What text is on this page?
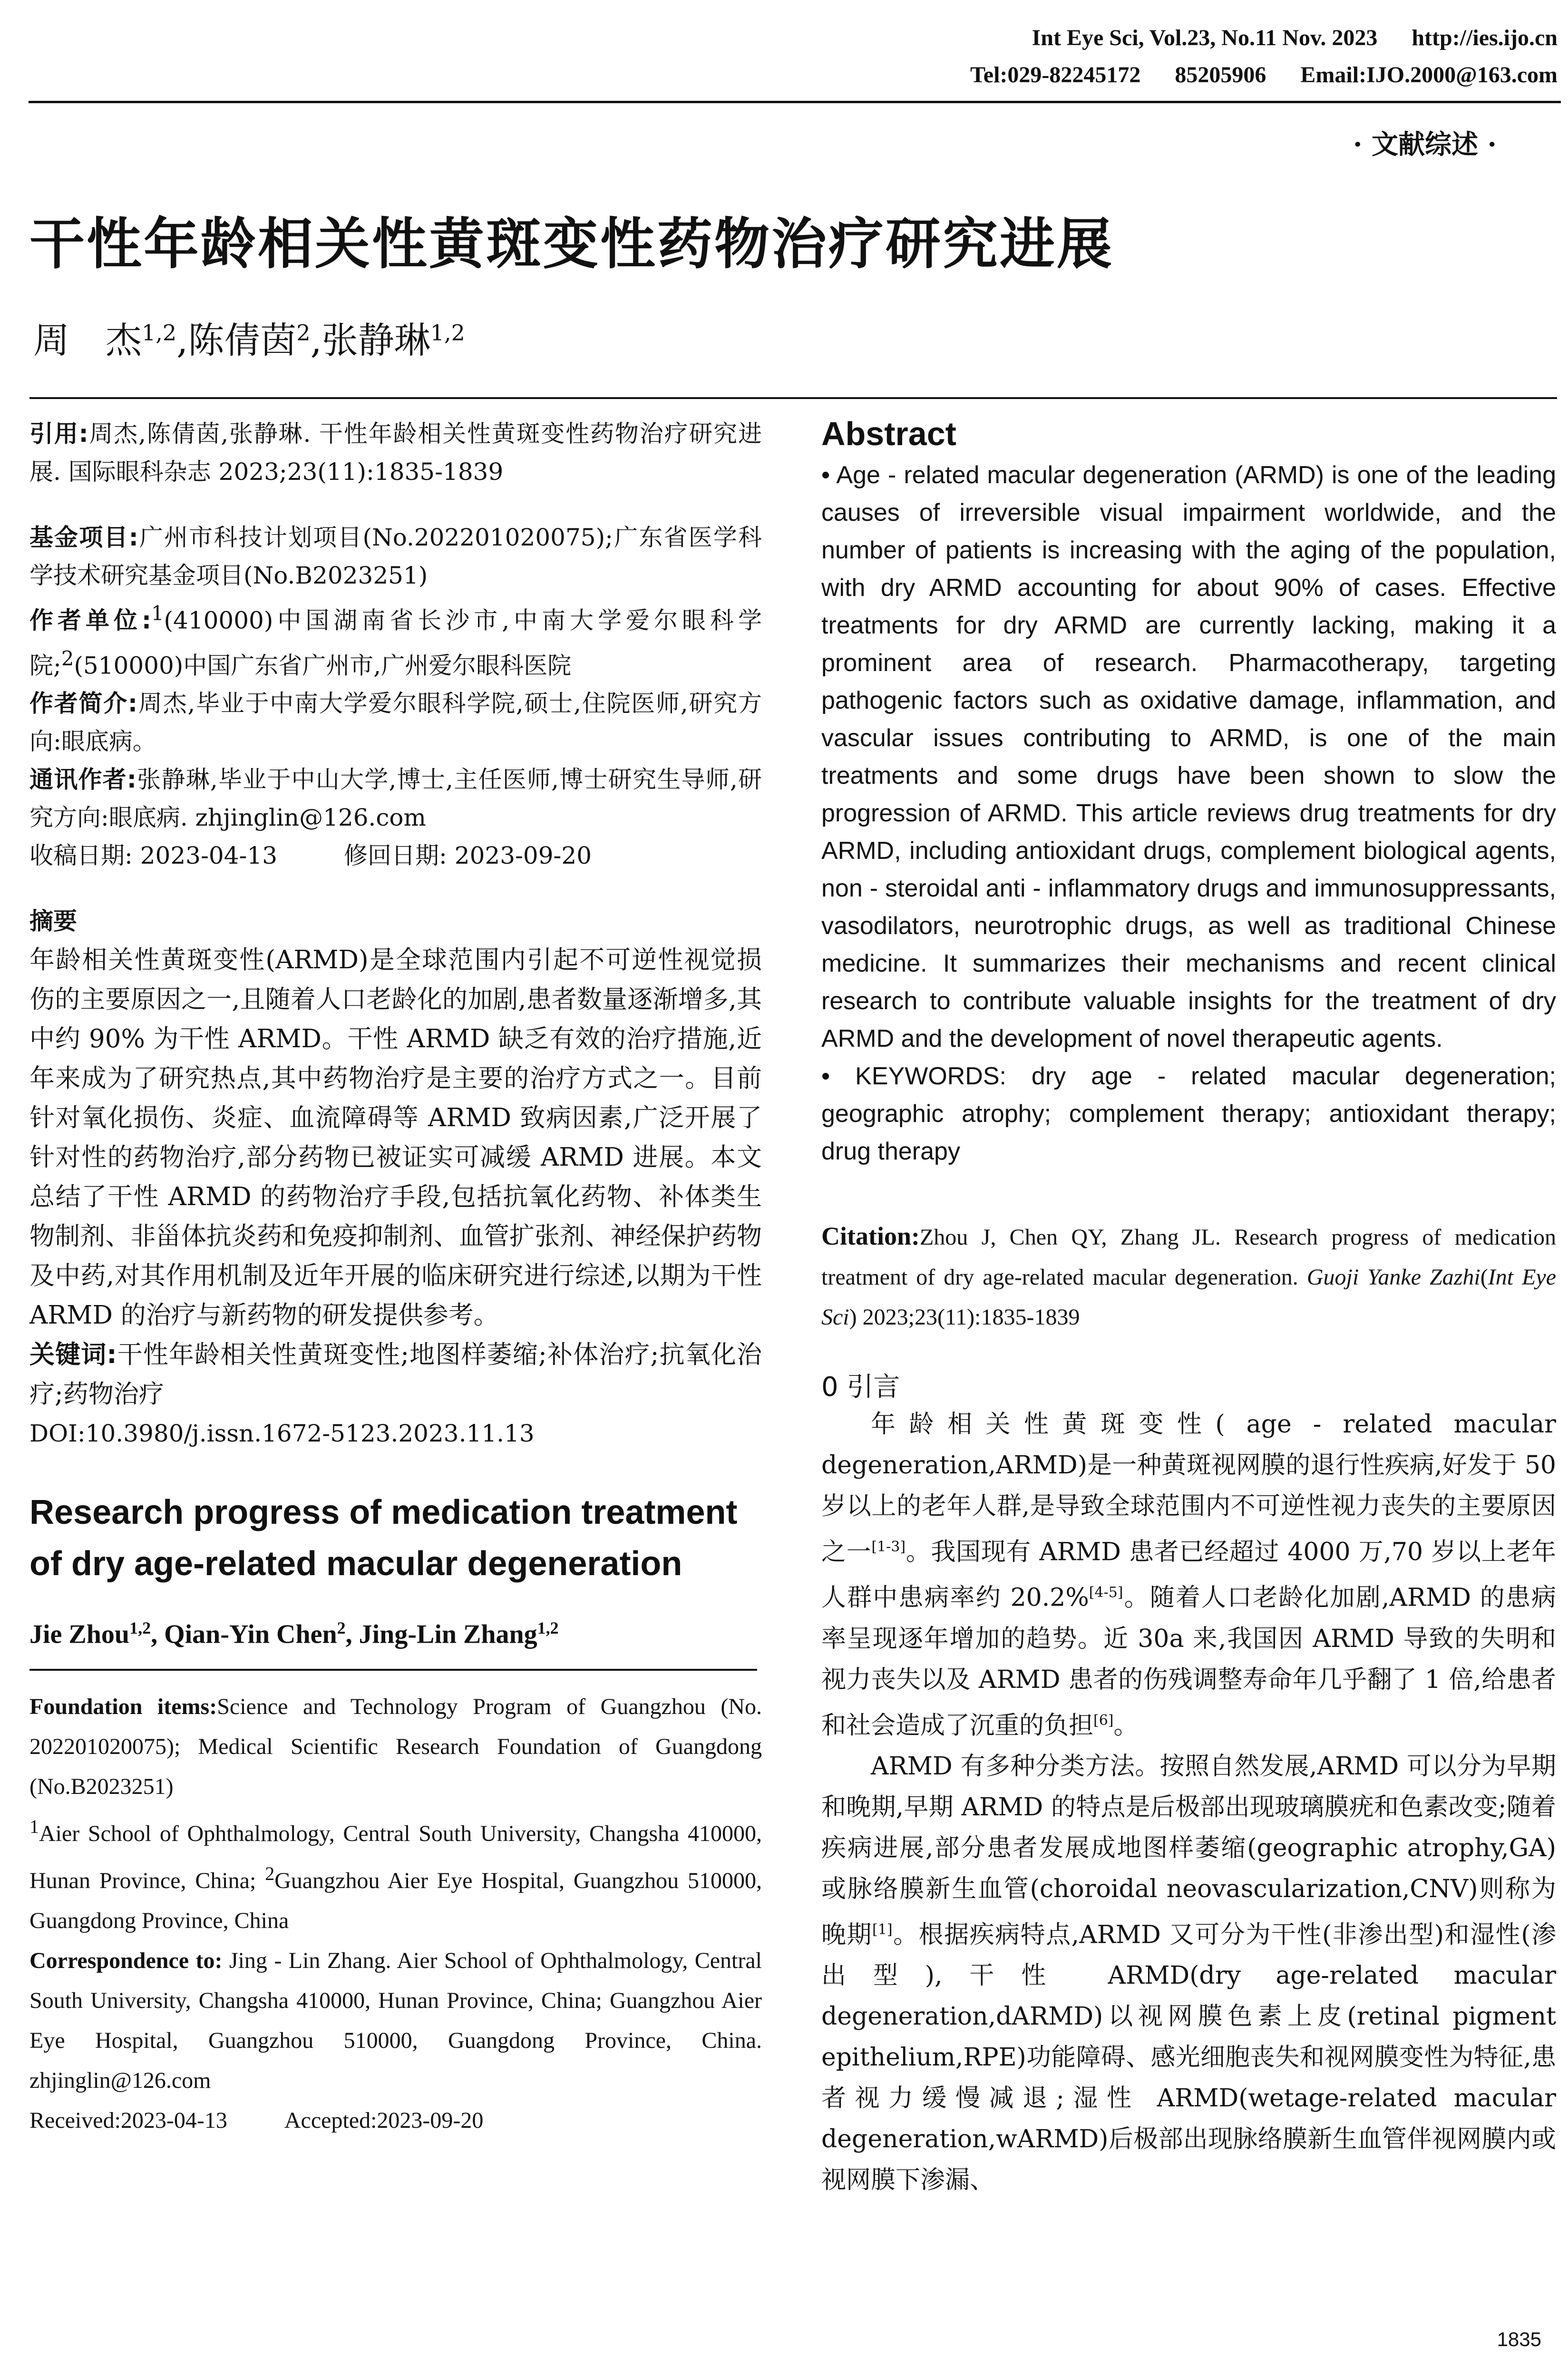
Int Eye Sci, Vol.23, No.11 Nov. 2023      http://ies.ijo.cn
Tel:029-82245172      85205906      Email:IJO.2000@163.com
· 文献综述 ·
干性年龄相关性黄斑变性药物治疗研究进展
周　杰$^{1,2}$,陈倩茵$^2$,张静琳$^{1,2}$

引用:周杰,陈倩茵,张静琳. 干性年龄相关性黄斑变性药物治疗研究进展. 国际眼科杂志 2023;23(11):1835-1839

基金项目:广州市科技计划项目(No.202201020075);广东省医学科学技术研究基金项目(No.B2023251)

作者单位:$^1$(410000)中国湖南省长沙市,中南大学爱尔眼科学院;$^2$(510000)中国广东省广州市,广州爱尔眼科医院

作者简介:周杰,毕业于中南大学爱尔眼科学院,硕士,住院医师,研究方向:眼底病。

通讯作者:张静琳,毕业于中山大学,博士,主任医师,博士研究生导师,研究方向:眼底病. zhjinglin@126.com

收稿日期: 2023-04-13	修回日期: 2023-09-20

摘要

年龄相关性黄斑变性(ARMD)是全球范围内引起不可逆性视觉损伤的主要原因之一,且随着人口老龄化的加剧,患者数量逐渐增多,其中约 90% 为干性 ARMD。干性 ARMD 缺乏有效的治疗措施,近年来成为了研究热点,其中药物治疗是主要的治疗方式之一。目前针对氧化损伤、炎症、血流障碍等 ARMD 致病因素,广泛开展了针对性的药物治疗,部分药物已被证实可减缓 ARMD 进展。本文总结了干性 ARMD 的药物治疗手段,包括抗氧化药物、补体类生物制剂、非甾体抗炎药和免疫抑制剂、血管扩张剂、神经保护药物及中药,对其作用机制及近年开展的临床研究进行综述,以期为干性 ARMD 的治疗与新药物的研发提供参考。

关键词:干性年龄相关性黄斑变性;地图样萎缩;补体治疗;抗氧化治疗;药物治疗

DOI:10.3980/j.issn.1672-5123.2023.11.13

Research progress of medication treatment of dry age-related macular degeneration

Jie Zhou$^{1,2}$, Qian-Yin Chen$^2$, Jing-Lin Zhang$^{1,2}$

Foundation items:Science and Technology Program of Guangzhou (No. 202201020075); Medical Scientific Research Foundation of Guangdong (No.B2023251)

$^1$Aier School of Ophthalmology, Central South University, Changsha 410000, Hunan Province, China; $^2$Guangzhou Aier Eye Hospital, Guangzhou 510000, Guangdong Province, China

Correspondence to: Jing - Lin Zhang. Aier School of Ophthalmology, Central South University, Changsha 410000, Hunan Province, China; Guangzhou Aier Eye Hospital, Guangzhou 510000, Guangdong Province, China. zhjinglin@126.com

Received:2023-04-13	Accepted:2023-09-20

Abstract

• Age - related macular degeneration (ARMD) is one of the leading causes of irreversible visual impairment worldwide, and the number of patients is increasing with the aging of the population, with dry ARMD accounting for about 90% of cases. Effective treatments for dry ARMD are currently lacking, making it a prominent area of research. Pharmacotherapy, targeting pathogenic factors such as oxidative damage, inflammation, and vascular issues contributing to ARMD, is one of the main treatments and some drugs have been shown to slow the progression of ARMD. This article reviews drug treatments for dry ARMD, including antioxidant drugs, complement biological agents, non - steroidal anti - inflammatory drugs and immunosuppressants, vasodilators, neurotrophic drugs, as well as traditional Chinese medicine. It summarizes their mechanisms and recent clinical research to contribute valuable insights for the treatment of dry ARMD and the development of novel therapeutic agents.

• KEYWORDS: dry age - related macular degeneration; geographic atrophy; complement therapy; antioxidant therapy; drug therapy

Citation:Zhou J, Chen QY, Zhang JL. Research progress of medication treatment of dry age-related macular degeneration. Guoji Yanke Zazhi(Int Eye Sci) 2023;23(11):1835-1839

0 引言

年龄相关性黄斑变性( age - related macular degeneration,ARMD)是一种黄斑视网膜的退行性疾病,好发于 50 岁以上的老年人群,是导致全球范围内不可逆性视力丧失的主要原因之一[1-3]。我国现有 ARMD 患者已经超过 4000 万,70 岁以上老年人群中患病率约 20.2%[4-5]。随着人口老龄化加剧,ARMD 的患病率呈现逐年增加的趋势。近 30a 来,我国因 ARMD 导致的失明和视力丧失以及 ARMD 患者的伤残调整寿命年几乎翻了 1 倍,给患者和社会造成了沉重的负担[6]。

ARMD 有多种分类方法。按照自然发展,ARMD 可以分为早期和晚期,早期 ARMD 的特点是后极部出现玻璃膜疣和色素改变;随着疾病进展,部分患者发展成地图样萎缩(geographic atrophy,GA)或脉络膜新生血管(choroidal neovascularization,CNV)则称为晚期[1]。根据疾病特点,ARMD 又可分为干性(非渗出型)和湿性(渗出型),干性 ARMD(dry age-related macular degeneration,dARMD)以视网膜色素上皮(retinal pigment epithelium,RPE)功能障碍、感光细胞丧失和视网膜变性为特征,患者视力缓慢减退;湿性 ARMD(wetage-related macular degeneration,wARMD)后极部出现脉络膜新生血管伴视网膜内或视网膜下渗漏、

1835
